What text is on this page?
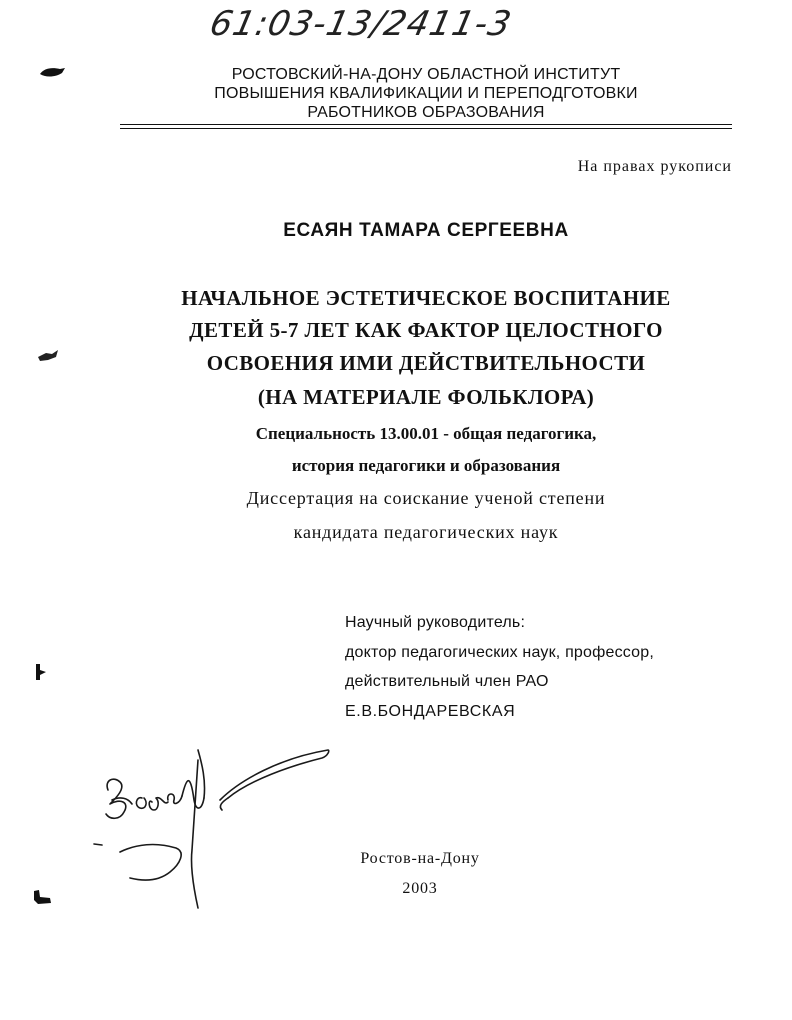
61:03-13/2411-3
РОСТОВСКИЙ-НА-ДОНУ ОБЛАСТНОЙ ИНСТИТУТ
ПОВЫШЕНИЯ КВАЛИФИКАЦИИ И ПЕРЕПОДГОТОВКИ
РАБОТНИКОВ ОБРАЗОВАНИЯ
На правах рукописи
ЕСАЯН ТАМАРА СЕРГЕЕВНА
НАЧАЛЬНОЕ ЭСТЕТИЧЕСКОЕ ВОСПИТАНИЕ
ДЕТЕЙ 5-7 ЛЕТ КАК ФАКТОР ЦЕЛОСТНОГО
ОСВОЕНИЯ ИМИ ДЕЙСТВИТЕЛЬНОСТИ
(НА МАТЕРИАЛЕ ФОЛЬКЛОРА)
Специальность 13.00.01 - общая педагогика,
история педагогики и образования
Диссертация на соискание ученой степени
кандидата педагогических наук
Научный руководитель:
доктор педагогических наук, профессор,
действительный член РАО
Е.В.БОНДАРЕВСКАЯ
Ростов-на-Дону
2003
